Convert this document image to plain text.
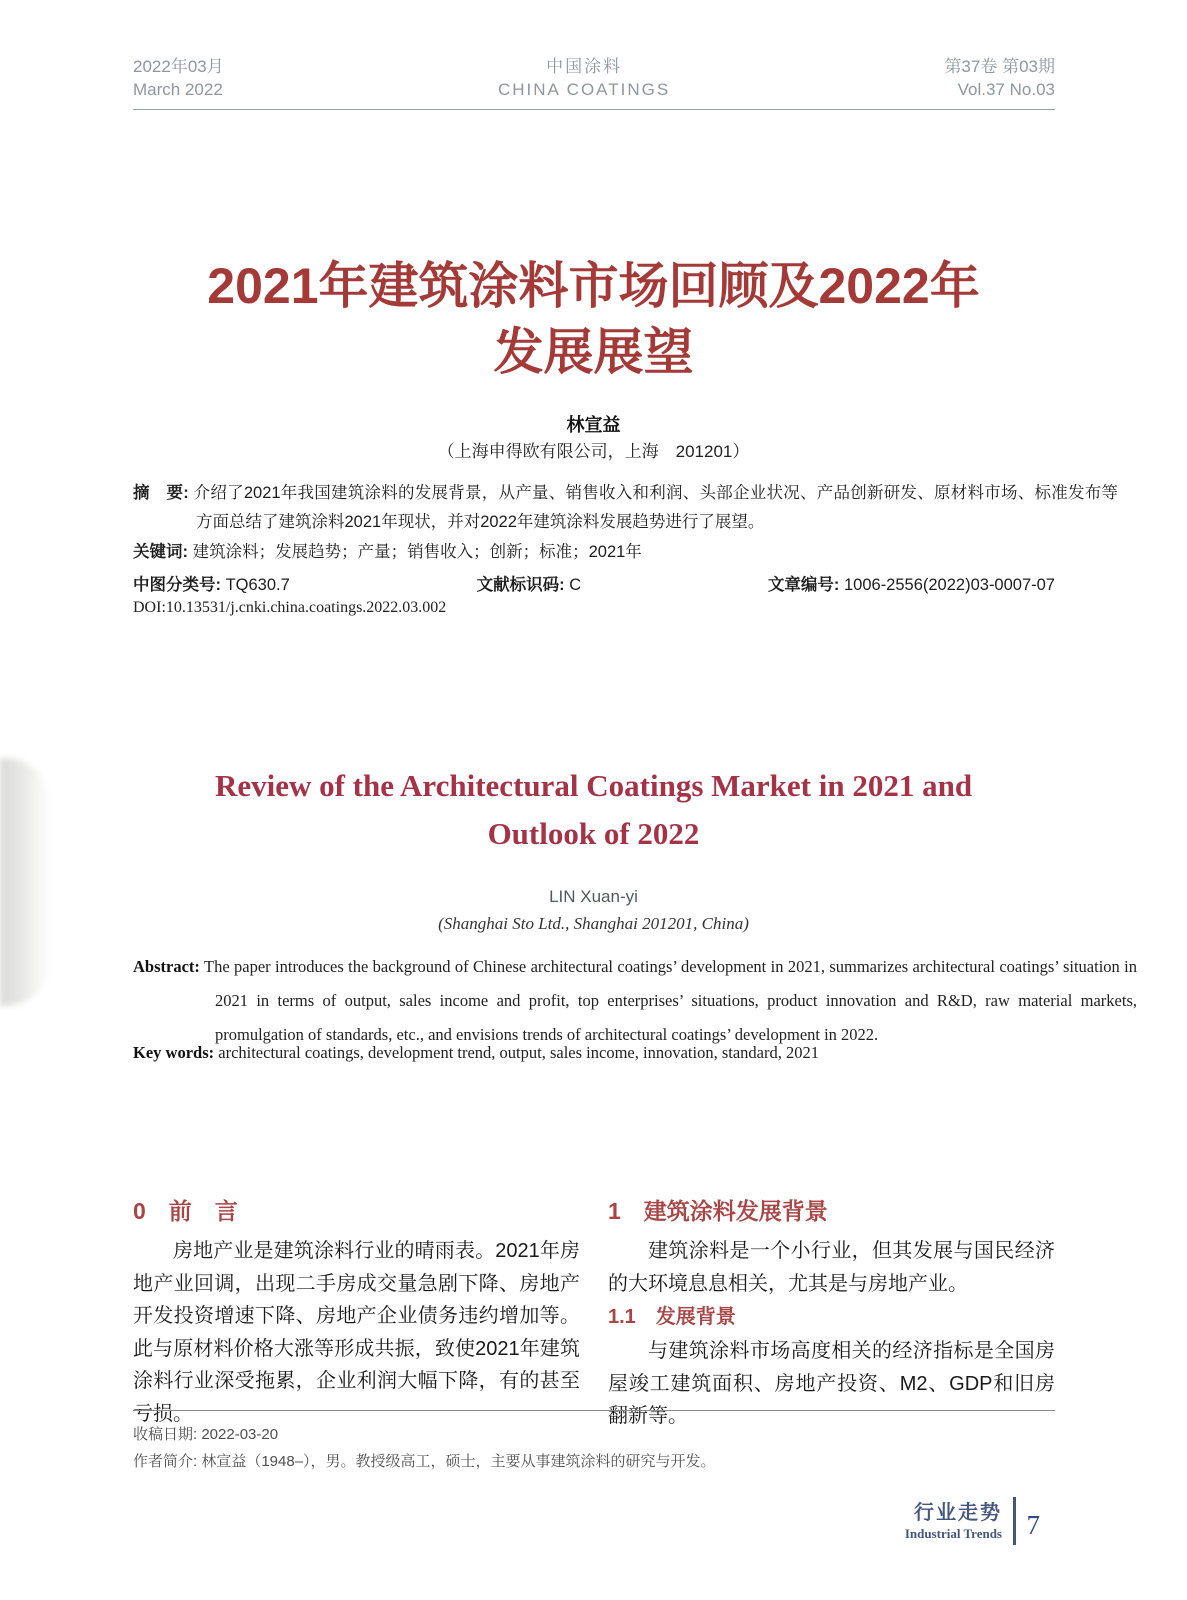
2022年03月
March 2022
中国涂料
CHINA COATINGS
第37卷 第03期
Vol.37 No.03
2021年建筑涂料市场回顾及2022年
发展展望
林宣益
（上海申得欧有限公司，上海　201201）
摘　要: 介绍了2021年我国建筑涂料的发展背景，从产量、销售收入和利润、头部企业状况、产品创新研发、原材料市场、标准发布等方面总结了建筑涂料2021年现状，并对2022年建筑涂料发展趋势进行了展望。
关键词: 建筑涂料；发展趋势；产量；销售收入；创新；标准；2021年
中图分类号: TQ630.7	文献标识码: C	文章编号: 1006-2556(2022)03-0007-07
DOI:10.13531/j.cnki.china.coatings.2022.03.002
Review of the Architectural Coatings Market in 2021 and
Outlook of 2022
LIN Xuan-yi
(Shanghai Sto Ltd., Shanghai 201201, China)
Abstract: The paper introduces the background of Chinese architectural coatings’ development in 2021, summarizes architectural coatings’ situation in 2021 in terms of output, sales income and profit, top enterprises’ situations, product innovation and R&D, raw material markets, promulgation of standards, etc., and envisions trends of architectural coatings’ development in 2022.
Key words: architectural coatings, development trend, output, sales income, innovation, standard, 2021
0　前　言

房地产业是建筑涂料行业的晴雨表。2021年房地产业回调，出现二手房成交量急剧下降、房地产开发投资增速下降、房地产企业债务违约增加等。此与原材料价格大涨等形成共振，致使2021年建筑涂料行业深受拖累，企业利润大幅下降，有的甚至亏损。

1　建筑涂料发展背景

建筑涂料是一个小行业，但其发展与国民经济的大环境息息相关，尤其是与房地产业。

1.1　发展背景

与建筑涂料市场高度相关的经济指标是全国房屋竣工建筑面积、房地产投资、M2、GDP和旧房翻新等。

收稿日期: 2022-03-20
作者简介: 林宣益（1948–），男。教授级高工，硕士，主要从事建筑涂料的研究与开发。
行业走势
Industrial Trends 7
